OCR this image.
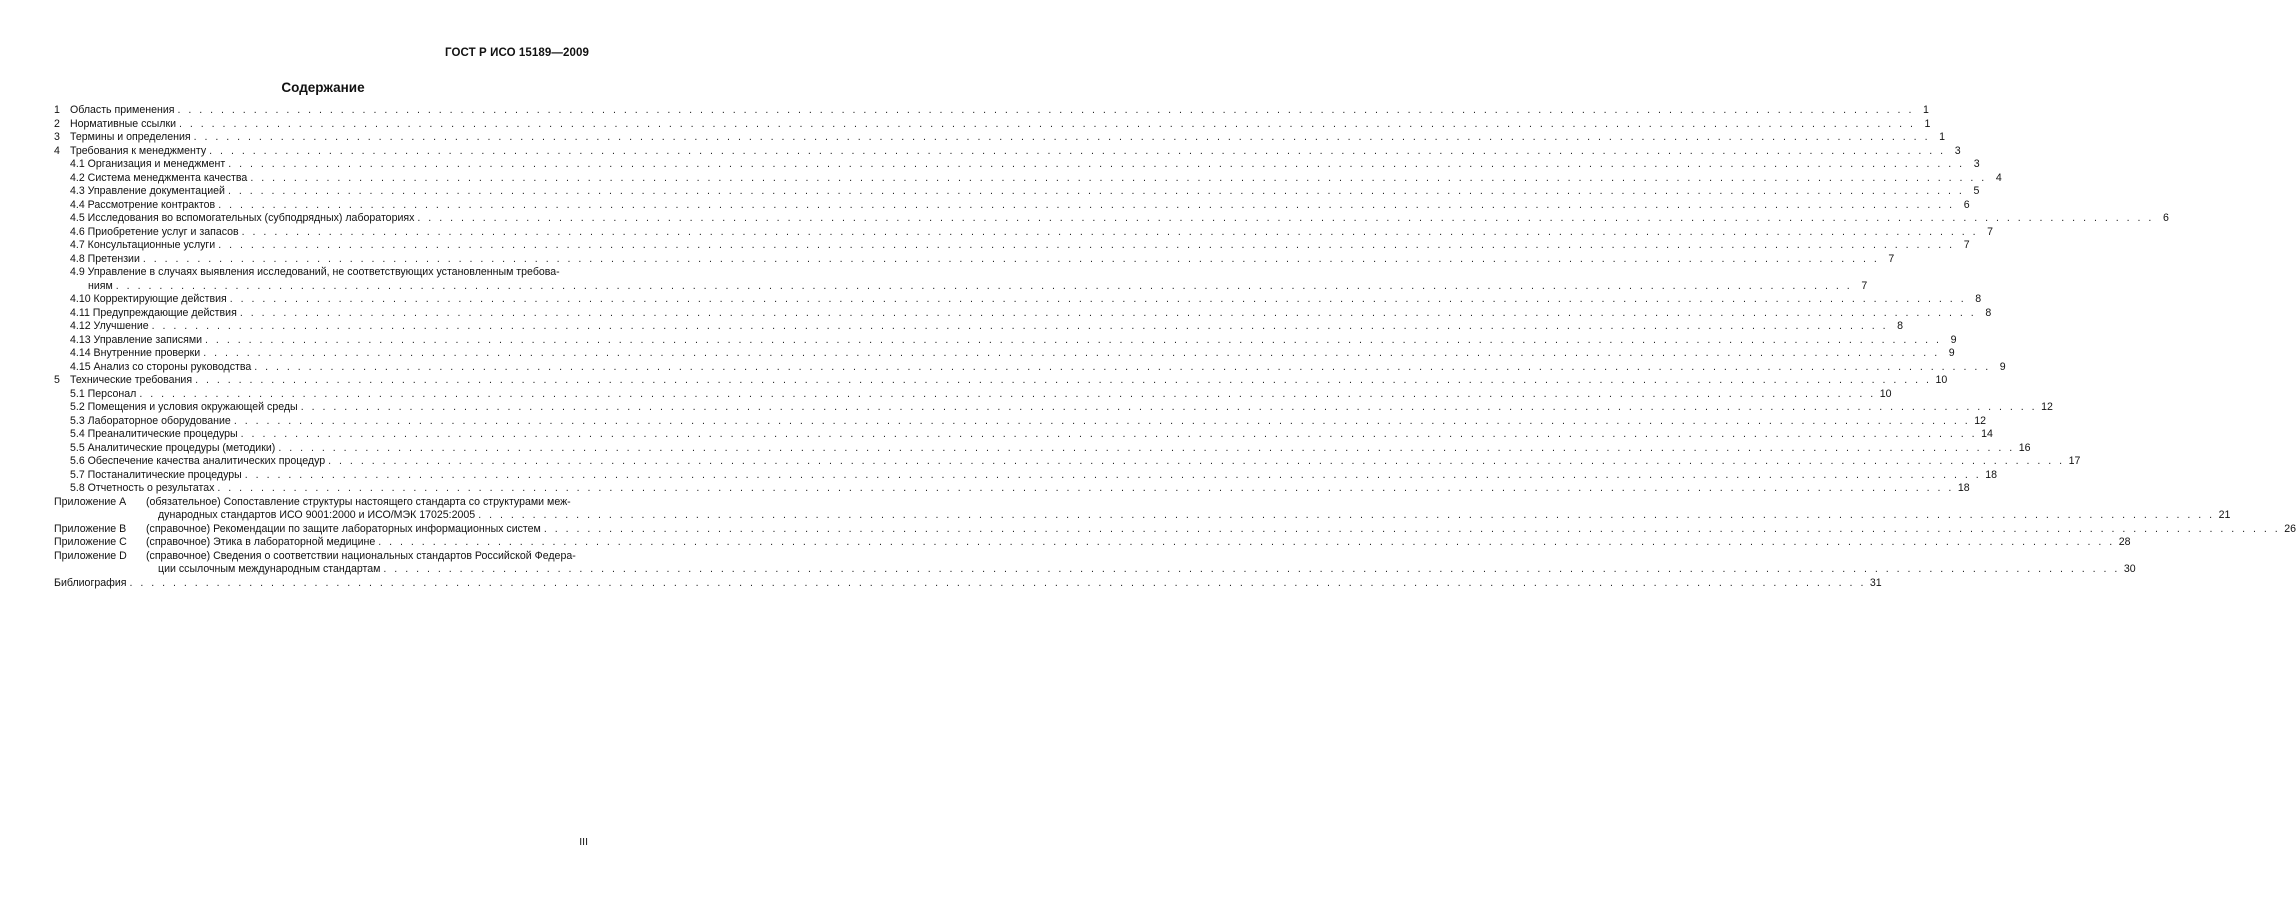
ГОСТ Р ИСО 15189—2009
Содержание
1 Область применения . . . . . . . . . . . . . . . . . . . . . . . . . . . . . . . . . . . . . . . . . . . . . . . . . . . . . . . . . . . . . . . . . . . . . . . . . . . . . . . . . . . . . . . . . . . . . . . . . . . . . . . . . . . . . . . . . . . . . . . . . . . . . . . . . . . . . . . . . . . . . . . . . . . . . . . . . . . . . . . . 1
2 Нормативные ссылки . . . . . . . . . . . . . . . . . . . . . . . . . . . . . . . . . . . . . . . . . . . . . . . . . . . . . . . . . . . . . . . . . . . . . . . . . . . . . . . . . . . . . . . . . . . . . . . . . . . . . . . . . . . . . . . . . . . . . . . . . . . . . . . . . . . . . . . . . . . . . . . . . . . . . . . . . . . . . . . . 1
3 Термины и определения . . . . . . . . . . . . . . . . . . . . . . . . . . . . . . . . . . . . . . . . . . . . . . . . . . . . . . . . . . . . . . . . . . . . . . . . . . . . . . . . . . . . . . . . . . . . . . . . . . . . . . . . . . . . . . . . . . . . . . . . . . . . . . . . . . . . . . . . . . . . . . . . . . . . . . . . . . . . . . . . 1
4 Требования к менеджменту . . . . . . . . . . . . . . . . . . . . . . . . . . . . . . . . . . . . . . . . . . . . . . . . . . . . . . . . . . . . . . . . . . . . . . . . . . . . . . . . . . . . . . . . . . . . . . . . . . . . . . . . . . . . . . . . . . . . . . . . . . . . . . . . . . . . . . . . . . . . . . . . . . . . . . . . . . . . . . . . 3
4.1 Организация и менеджмент . . . . . . . . . . . . . . . . . . . . . . . . . . . . . . . . . . . . . . . . . . . . . . . . . . . . . . . . . . . . . . . . . . . . . . . . . . . . . . . . . . . . . . . . . . . . . . . . . . . . . . . . . . . . . . . . . . . . . . . . . . . . . . . . . . . . . . . . . . . . . . . . . . . . . . . . . . . . . . . . 3
4.2 Система менеджмента качества . . . . . . . . . . . . . . . . . . . . . . . . . . . . . . . . . . . . . . . . . . . . . . . . . . . . . . . . . . . . . . . . . . . . . . . . . . . . . . . . . . . . . . . . . . . . . . . . . . . . . . . . . . . . . . . . . . . . . . . . . . . . . . . . . . . . . . . . . . . . . . . . . . . . . . . . . . . . . . . . 4
4.3 Управление документацией . . . . . . . . . . . . . . . . . . . . . . . . . . . . . . . . . . . . . . . . . . . . . . . . . . . . . . . . . . . . . . . . . . . . . . . . . . . . . . . . . . . . . . . . . . . . . . . . . . . . . . . . . . . . . . . . . . . . . . . . . . . . . . . . . . . . . . . . . . . . . . . . . . . . . . . . . . . . . . . . 5
4.4 Рассмотрение контрактов . . . . . . . . . . . . . . . . . . . . . . . . . . . . . . . . . . . . . . . . . . . . . . . . . . . . . . . . . . . . . . . . . . . . . . . . . . . . . . . . . . . . . . . . . . . . . . . . . . . . . . . . . . . . . . . . . . . . . . . . . . . . . . . . . . . . . . . . . . . . . . . . . . . . . . . . . . . . . . . . 6
4.5 Исследования во вспомогательных (субподрядных) лабораториях . . . . . . . . . . . . . . . . . . . . . . . . . . . . . . . . . . . . . . . . . . . . . . . . . . . . . . . . . . . . . . . . . . . . . . . . . . . . . . . . . . . . . . . . . . . . . . . . . . . . . . . . . . . . . . . . . . . . . . . . . . . . . . . . . . . . . . . . . . . . . . . . . . . . . . . . . . . . . . . . 6
4.6 Приобретение услуг и запасов . . . . . . . . . . . . . . . . . . . . . . . . . . . . . . . . . . . . . . . . . . . . . . . . . . . . . . . . . . . . . . . . . . . . . . . . . . . . . . . . . . . . . . . . . . . . . . . . . . . . . . . . . . . . . . . . . . . . . . . . . . . . . . . . . . . . . . . . . . . . . . . . . . . . . . . . . . . . . . . . 7
4.7 Консультационные услуги . . . . . . . . . . . . . . . . . . . . . . . . . . . . . . . . . . . . . . . . . . . . . . . . . . . . . . . . . . . . . . . . . . . . . . . . . . . . . . . . . . . . . . . . . . . . . . . . . . . . . . . . . . . . . . . . . . . . . . . . . . . . . . . . . . . . . . . . . . . . . . . . . . . . . . . . . . . . . . . . 7
4.8 Претензии . . . . . . . . . . . . . . . . . . . . . . . . . . . . . . . . . . . . . . . . . . . . . . . . . . . . . . . . . . . . . . . . . . . . . . . . . . . . . . . . . . . . . . . . . . . . . . . . . . . . . . . . . . . . . . . . . . . . . . . . . . . . . . . . . . . . . . . . . . . . . . . . . . . . . . . . . . . . . . . . 7
4.9 Управление в случаях выявления исследований, не соответствующих установленным требова-
ниям . . . . . . . . . . . . . . . . . . . . . . . . . . . . . . . . . . . . . . . . . . . . . . . . . . . . . . . . . . . . . . . . . . . . . . . . . . . . . . . . . . . . . . . . . . . . . . . . . . . . . . . . . . . . . . . . . . . . . . . . . . . . . . . . . . . . . . . . . . . . . . . . . . . . . . . . . . . . . . . . 7
4.10 Корректирующие действия . . . . . . . . . . . . . . . . . . . . . . . . . . . . . . . . . . . . . . . . . . . . . . . . . . . . . . . . . . . . . . . . . . . . . . . . . . . . . . . . . . . . . . . . . . . . . . . . . . . . . . . . . . . . . . . . . . . . . . . . . . . . . . . . . . . . . . . . . . . . . . . . . . . . . . . . . . . . . . . . 8
4.11 Предупреждающие действия . . . . . . . . . . . . . . . . . . . . . . . . . . . . . . . . . . . . . . . . . . . . . . . . . . . . . . . . . . . . . . . . . . . . . . . . . . . . . . . . . . . . . . . . . . . . . . . . . . . . . . . . . . . . . . . . . . . . . . . . . . . . . . . . . . . . . . . . . . . . . . . . . . . . . . . . . . . . . . . . 8
4.12 Улучшение . . . . . . . . . . . . . . . . . . . . . . . . . . . . . . . . . . . . . . . . . . . . . . . . . . . . . . . . . . . . . . . . . . . . . . . . . . . . . . . . . . . . . . . . . . . . . . . . . . . . . . . . . . . . . . . . . . . . . . . . . . . . . . . . . . . . . . . . . . . . . . . . . . . . . . . . . . . . . . . . 8
4.13 Управление записями . . . . . . . . . . . . . . . . . . . . . . . . . . . . . . . . . . . . . . . . . . . . . . . . . . . . . . . . . . . . . . . . . . . . . . . . . . . . . . . . . . . . . . . . . . . . . . . . . . . . . . . . . . . . . . . . . . . . . . . . . . . . . . . . . . . . . . . . . . . . . . . . . . . . . . . . . . . . . . . . 9
4.14 Внутренние проверки . . . . . . . . . . . . . . . . . . . . . . . . . . . . . . . . . . . . . . . . . . . . . . . . . . . . . . . . . . . . . . . . . . . . . . . . . . . . . . . . . . . . . . . . . . . . . . . . . . . . . . . . . . . . . . . . . . . . . . . . . . . . . . . . . . . . . . . . . . . . . . . . . . . . . . . . . . . . . . . . 9
4.15 Анализ со стороны руководства . . . . . . . . . . . . . . . . . . . . . . . . . . . . . . . . . . . . . . . . . . . . . . . . . . . . . . . . . . . . . . . . . . . . . . . . . . . . . . . . . . . . . . . . . . . . . . . . . . . . . . . . . . . . . . . . . . . . . . . . . . . . . . . . . . . . . . . . . . . . . . . . . . . . . . . . . . . . . . . . 9
5 Технические требования . . . . . . . . . . . . . . . . . . . . . . . . . . . . . . . . . . . . . . . . . . . . . . . . . . . . . . . . . . . . . . . . . . . . . . . . . . . . . . . . . . . . . . . . . . . . . . . . . . . . . . . . . . . . . . . . . . . . . . . . . . . . . . . . . . . . . . . . . . . . . . . . . . . . . . . . . . . . . . . . 10
5.1 Персонал . . . . . . . . . . . . . . . . . . . . . . . . . . . . . . . . . . . . . . . . . . . . . . . . . . . . . . . . . . . . . . . . . . . . . . . . . . . . . . . . . . . . . . . . . . . . . . . . . . . . . . . . . . . . . . . . . . . . . . . . . . . . . . . . . . . . . . . . . . . . . . . . . . . . . . . . . . . . . . . . 10
5.2 Помещения и условия окружающей среды . . . . . . . . . . . . . . . . . . . . . . . . . . . . . . . . . . . . . . . . . . . . . . . . . . . . . . . . . . . . . . . . . . . . . . . . . . . . . . . . . . . . . . . . . . . . . . . . . . . . . . . . . . . . . . . . . . . . . . . . . . . . . . . . . . . . . . . . . . . . . . . . . . . . . . . . . . . . . . . . 12
5.3 Лабораторное оборудование . . . . . . . . . . . . . . . . . . . . . . . . . . . . . . . . . . . . . . . . . . . . . . . . . . . . . . . . . . . . . . . . . . . . . . . . . . . . . . . . . . . . . . . . . . . . . . . . . . . . . . . . . . . . . . . . . . . . . . . . . . . . . . . . . . . . . . . . . . . . . . . . . . . . . . . . . . . . . . . . 12
5.4 Преаналитические процедуры . . . . . . . . . . . . . . . . . . . . . . . . . . . . . . . . . . . . . . . . . . . . . . . . . . . . . . . . . . . . . . . . . . . . . . . . . . . . . . . . . . . . . . . . . . . . . . . . . . . . . . . . . . . . . . . . . . . . . . . . . . . . . . . . . . . . . . . . . . . . . . . . . . . . . . . . . . . . . . . . 14
5.5 Аналитические процедуры (методики) . . . . . . . . . . . . . . . . . . . . . . . . . . . . . . . . . . . . . . . . . . . . . . . . . . . . . . . . . . . . . . . . . . . . . . . . . . . . . . . . . . . . . . . . . . . . . . . . . . . . . . . . . . . . . . . . . . . . . . . . . . . . . . . . . . . . . . . . . . . . . . . . . . . . . . . . . . . . . . . . 16
5.6 Обеспечение качества аналитических процедур . . . . . . . . . . . . . . . . . . . . . . . . . . . . . . . . . . . . . . . . . . . . . . . . . . . . . . . . . . . . . . . . . . . . . . . . . . . . . . . . . . . . . . . . . . . . . . . . . . . . . . . . . . . . . . . . . . . . . . . . . . . . . . . . . . . . . . . . . . . . . . . . . . . . . . . . . . . . . . . . 17
5.7 Постаналитические процедуры . . . . . . . . . . . . . . . . . . . . . . . . . . . . . . . . . . . . . . . . . . . . . . . . . . . . . . . . . . . . . . . . . . . . . . . . . . . . . . . . . . . . . . . . . . . . . . . . . . . . . . . . . . . . . . . . . . . . . . . . . . . . . . . . . . . . . . . . . . . . . . . . . . . . . . . . . . . . . . . . 18
5.8 Отчетность о результатах . . . . . . . . . . . . . . . . . . . . . . . . . . . . . . . . . . . . . . . . . . . . . . . . . . . . . . . . . . . . . . . . . . . . . . . . . . . . . . . . . . . . . . . . . . . . . . . . . . . . . . . . . . . . . . . . . . . . . . . . . . . . . . . . . . . . . . . . . . . . . . . . . . . . . . . . . . . . . . . . 18
Приложение А (обязательное) Сопоставление структуры настоящего стандарта со структурами меж-
дународных стандартов ИСО 9001:2000 и ИСО/МЭК 17025:2005 . . . . . . . . . . . . . . . . . . . . . . . . . . . . . . . . . . . . . . . . . . . . . . . . . . . . . . . . . . . . . . . . . . . . . . . . . . . . . . . . . . . . . . . . . . . . . . . . . . . . . . . . . . . . . . . . . . . . . . . . . . . . . . . . . . . . . . . . . . . . . . . . . . . . . . . . . . . . . . . . 21
Приложение В (справочное) Рекомендации по защите лабораторных информационных систем . . . . . . . . . . . . . . . . . . . . . . . . . . . . . . . . . . . . . . . . . . . . . . . . . . . . . . . . . . . . . . . . . . . . . . . . . . . . . . . . . . . . . . . . . . . . . . . . . . . . . . . . . . . . . . . . . . . . . . . . . . . . . . . . . . . . . . . . . . . . . . . . . . . . . . . . . . . . . . . . 26
Приложение С (справочное) Этика в лабораторной медицине . . . . . . . . . . . . . . . . . . . . . . . . . . . . . . . . . . . . . . . . . . . . . . . . . . . . . . . . . . . . . . . . . . . . . . . . . . . . . . . . . . . . . . . . . . . . . . . . . . . . . . . . . . . . . . . . . . . . . . . . . . . . . . . . . . . . . . . . . . . . . . . . . . . . . . . . . . . . . . . . 28
Приложение D (справочное) Сведения о соответствии национальных стандартов Российской Федера-
ции ссылочным международным стандартам . . . . . . . . . . . . . . . . . . . . . . . . . . . . . . . . . . . . . . . . . . . . . . . . . . . . . . . . . . . . . . . . . . . . . . . . . . . . . . . . . . . . . . . . . . . . . . . . . . . . . . . . . . . . . . . . . . . . . . . . . . . . . . . . . . . . . . . . . . . . . . . . . . . . . . . . . . . . . . . . 30
Библиография . . . . . . . . . . . . . . . . . . . . . . . . . . . . . . . . . . . . . . . . . . . . . . . . . . . . . . . . . . . . . . . . . . . . . . . . . . . . . . . . . . . . . . . . . . . . . . . . . . . . . . . . . . . . . . . . . . . . . . . . . . . . . . . . . . . . . . . . . . . . . . . . . . . . . . . . . . . . . . . . 31
III
